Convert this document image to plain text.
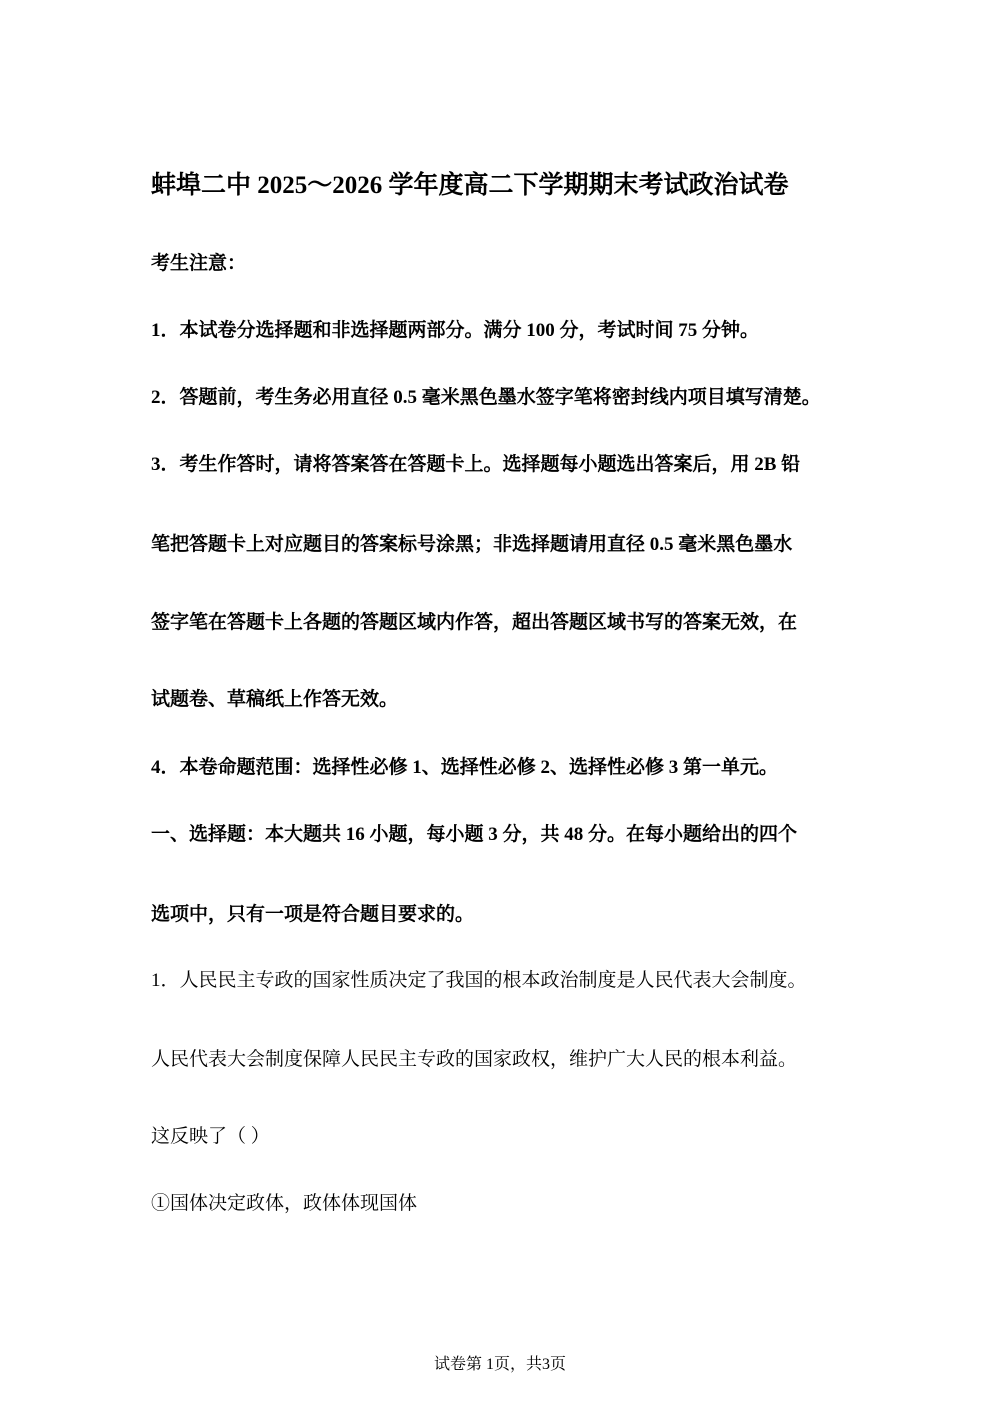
蚌埠二中 2025～2026 学年度高二下学期期末考试政治试卷
考生注意：
1．本试卷分选择题和非选择题两部分。满分 100 分，考试时间 75 分钟。
2．答题前，考生务必用直径 0.5 毫米黑色墨水签字笔将密封线内项目填写清楚。
3．考生作答时，请将答案答在答题卡上。选择题每小题选出答案后，用 2B 铅
笔把答题卡上对应题目的答案标号涂黑；非选择题请用直径 0.5 毫米黑色墨水
签字笔在答题卡上各题的答题区域内作答，超出答题区域书写的答案无效，在
试题卷、草稿纸上作答无效。
4．本卷命题范围：选择性必修 1、选择性必修 2、选择性必修 3 第一单元。
一、选择题：本大题共 16 小题，每小题 3 分，共 48 分。在每小题给出的四个
选项中，只有一项是符合题目要求的。
1．人民民主专政的国家性质决定了我国的根本政治制度是人民代表大会制度。
人民代表大会制度保障人民民主专政的国家政权，维护广大人民的根本利益。
这反映了（ ）
①国体决定政体，政体体现国体
试卷第 1页，共3页
